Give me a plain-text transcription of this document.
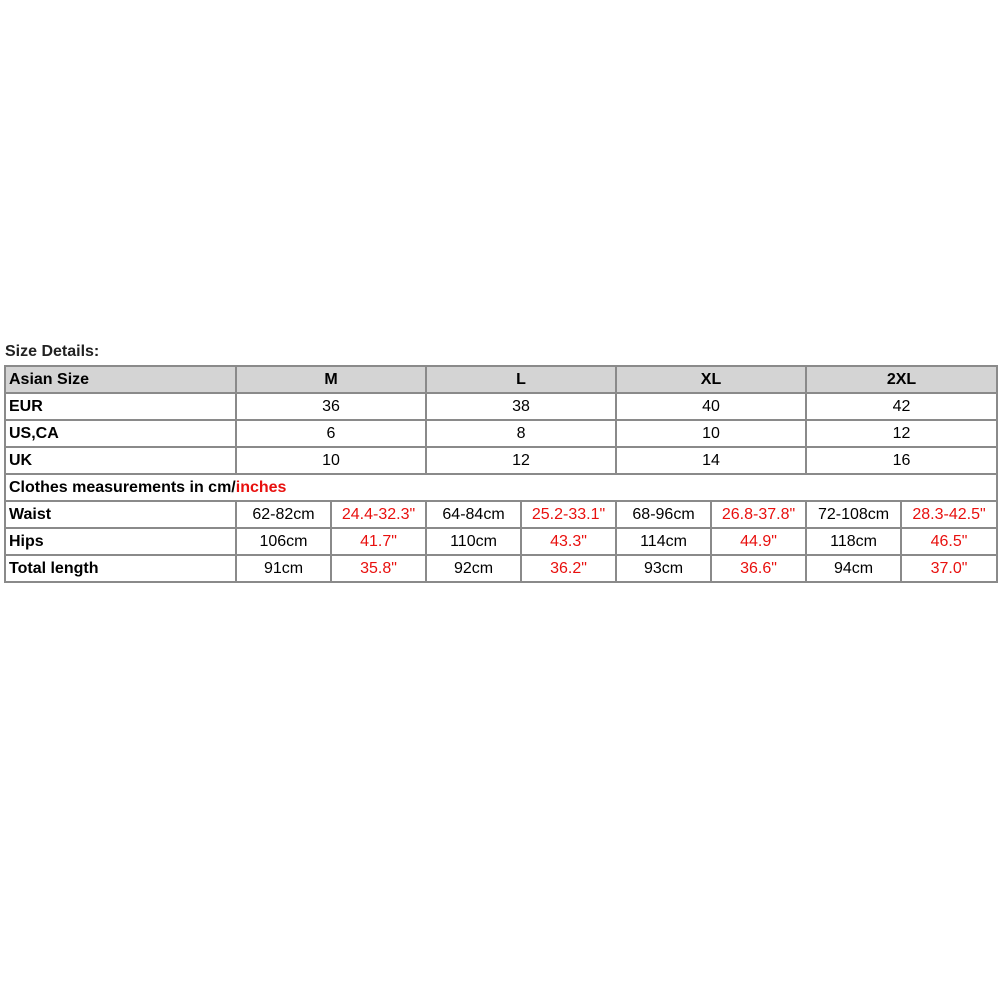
Size Details:
Asian Size	M		L		XL		2XL	
EUR	36		38		40		42	
US,CA	6		8		10		12	
UK	10		12		14		16	
Clothes measurements in cm/inches								
Waist	62-82cm	24.4-32.3"	64-84cm	25.2-33.1"	68-96cm	26.8-37.8"	72-108cm	28.3-42.5"
Hips	106cm	41.7"	110cm	43.3"	114cm	44.9"	118cm	46.5"
Total length	91cm	35.8"	92cm	36.2"	93cm	36.6"	94cm	37.0"
